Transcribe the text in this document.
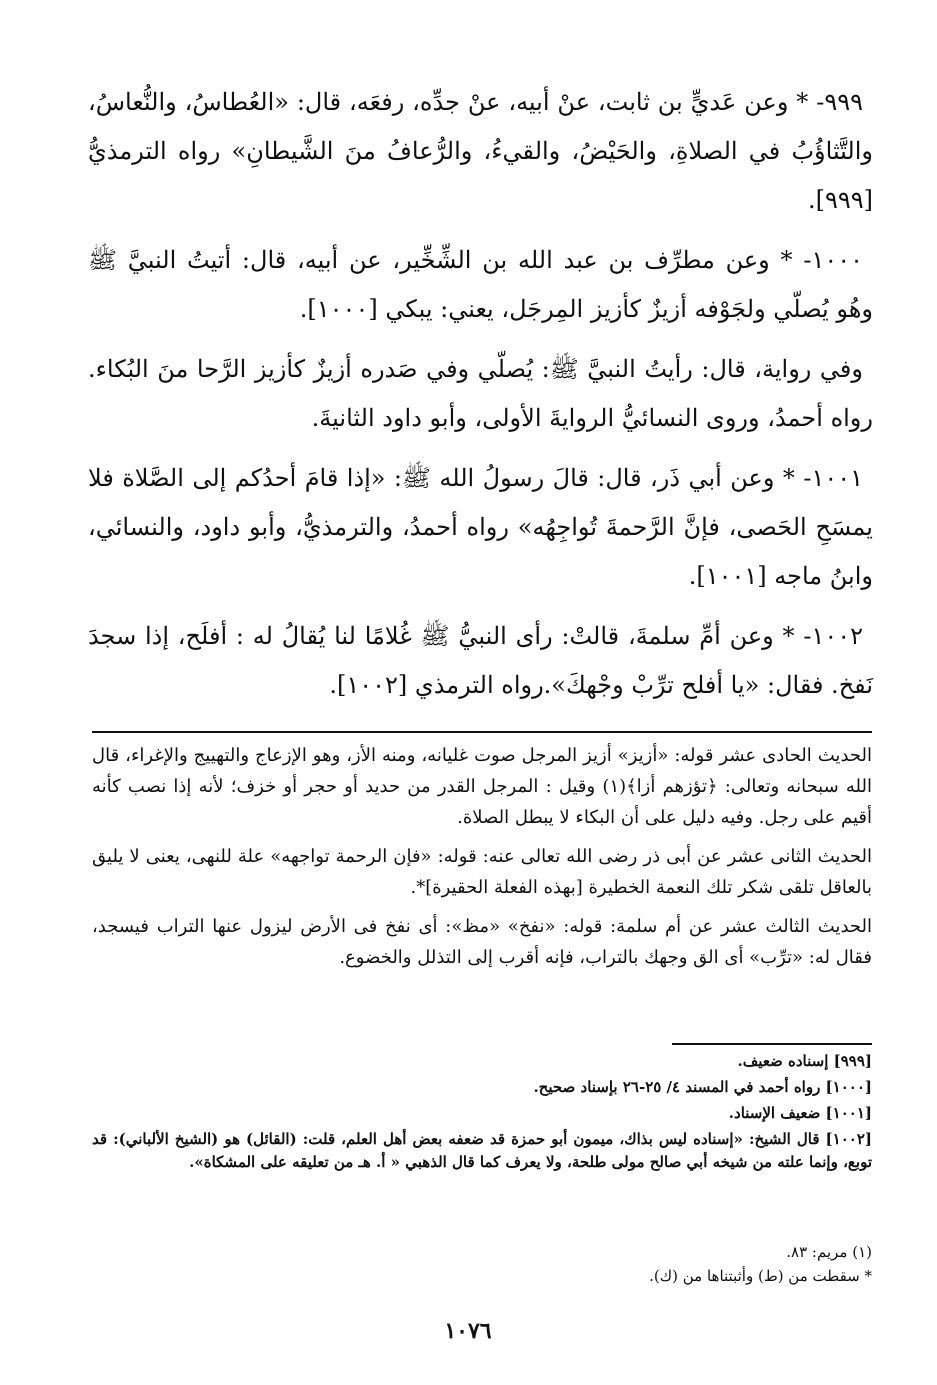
٩٩٩- * وعن عَديٍّ بن ثابت، عنْ أبيه، عنْ جدِّه، رفعَه، قال: «العُطاسُ، والنُّعاسُ، والتَّثاؤُبُ في الصلاةِ، والحَيْضُ، والقيءُ، والرُّعافُ منَ الشَّيطانِ» رواه الترمذيُّ [٩٩٩].

١٠٠٠- * وعن مطرِّف بن عبد الله بن الشِّخِّير، عن أبيه، قال: أتيتُ النبيَّ ﷺ وهُو يُصلّي ولجَوْفه أزيزٌ كأزيز المِرجَل، يعني: يبكي [١٠٠٠].

وفي رواية، قال: رأيتُ النبيَّ ﷺ: يُصلّي وفي صَدره أزيزٌ كأزيز الرَّحا منَ البُكاء. رواه أحمدُ، وروى النسائيُّ الروايةَ الأولى، وأبو داود الثانيةَ.

١٠٠١- * وعن أبي ذَر، قال: قالَ رسولُ الله ﷺ: «إذا قامَ أحدُكم إلى الصَّلاة فلا يمسَحِ الحَصى، فإنَّ الرَّحمةَ تُواجِهُه» رواه أحمدُ، والترمذيُّ، وأبو داود، والنسائي، وابنُ ماجه [١٠٠١].

١٠٠٢- * وعن أمِّ سلمةَ، قالتْ: رأى النبيُّ ﷺ غُلامًا لنا يُقالُ له : أفلَح، إذا سجدَ نَفخ. فقال: «يا أفلح ترِّبْ وجْهكَ».رواه الترمذي [١٠٠٢].

الحديث الحادى عشر قوله: «أزيز» أزيز المرجل صوت غليانه، ومنه الأز، وهو الإزعاج والتهييج والإغراء، قال الله سبحانه وتعالى: ﴿تؤزهم أزا﴾(١) وقيل : المرجل القدر من حديد أو حجر أو خزف؛ لأنه إذا نصب كأنه أقيم على رجل. وفيه دليل على أن البكاء لا يبطل الصلاة.

الحديث الثانى عشر عن أبى ذر رضى الله تعالى عنه: قوله: «فإن الرحمة تواجهه» علة للنهى، يعنى لا يليق بالعاقل تلقى شكر تلك النعمة الخطيرة [بهذه الفعلة الحقيرة]*.

الحديث الثالث عشر عن أم سلمة: قوله: «نفخ» «مظ»: أى نفخ فى الأرض ليزول عنها التراب فيسجد، فقال له: «ترِّب» أى الق وجهك بالتراب، فإنه أقرب إلى التذلل والخضوع.

[٩٩٩] إسناده ضعيف.

[١٠٠٠] رواه أحمد في المسند ٤/ ٢٥-٢٦ بإسناد صحيح.

[١٠٠١] ضعيف الإسناد.

[١٠٠٢] قال الشيخ: «إسناده ليس بذاك، ميمون أبو حمزة قد ضعفه بعض أهل العلم، قلت: (القائل) هو (الشيخ الألباني): قد توبع، وإنما علته من شيخه أبي صالح مولى طلحة، ولا يعرف كما قال الذهبي « أ. هـ من تعليقه على المشكاة».

(١) مريم: ٨٣.

* سقطت من (ط) وأثبتناها من (ك).

١٠٧٦
